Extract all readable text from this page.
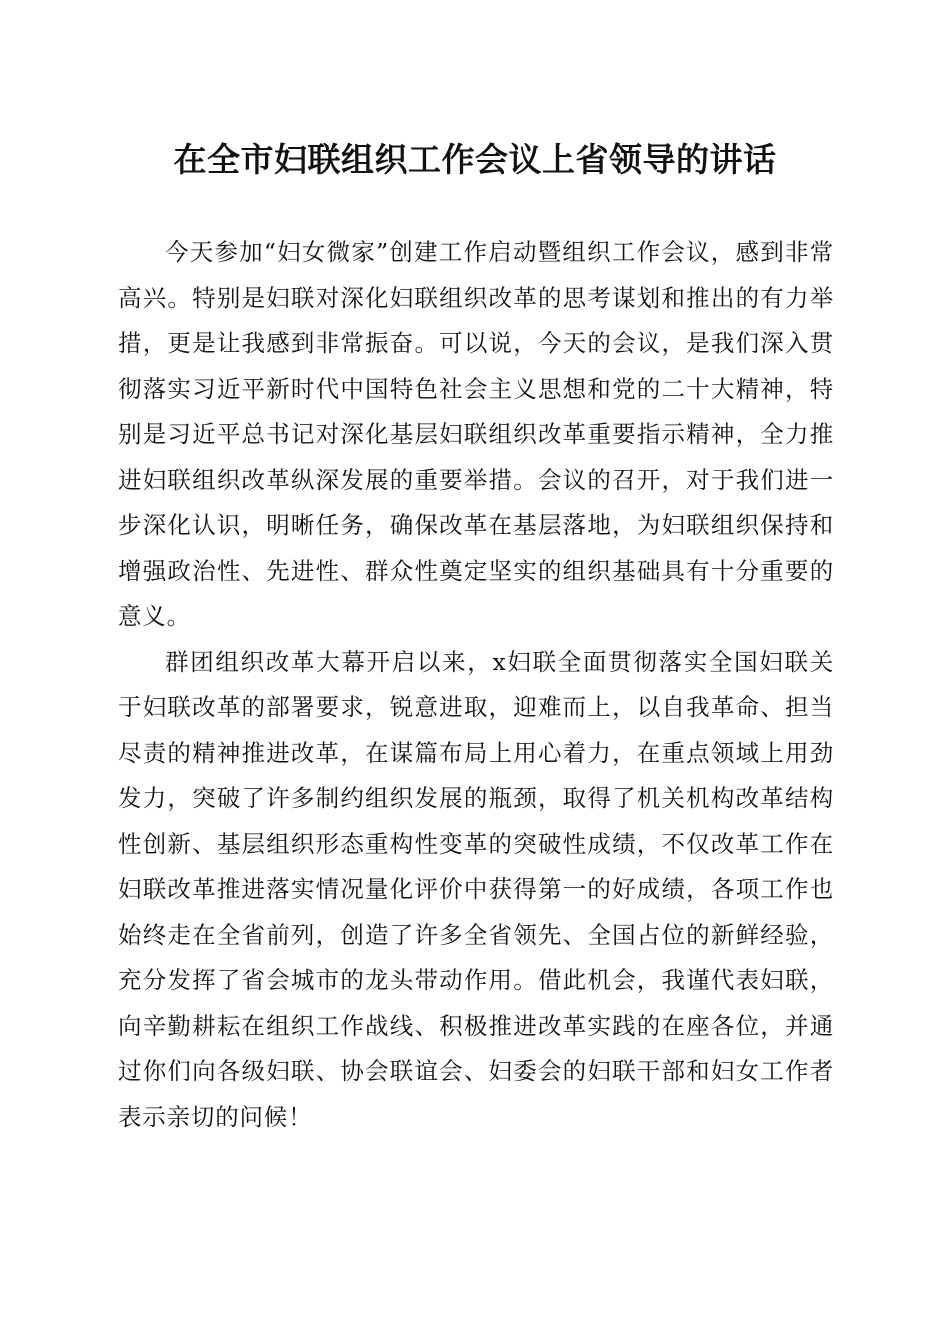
在全市妇联组织工作会议上省领导的讲话

今天参加“妇女微家”创建工作启动暨组织工作会议，感到非常高兴。特别是妇联对深化妇联组织改革的思考谋划和推出的有力举措，更是让我感到非常振奋。可以说，今天的会议，是我们深入贯彻落实习近平新时代中国特色社会主义思想和党的二十大精神，特别是习近平总书记对深化基层妇联组织改革重要指示精神，全力推进妇联组织改革纵深发展的重要举措。会议的召开，对于我们进一步深化认识，明晰任务，确保改革在基层落地，为妇联组织保持和增强政治性、先进性、群众性奠定坚实的组织基础具有十分重要的意义。

群团组织改革大幕开启以来，x妇联全面贯彻落实全国妇联关于妇联改革的部署要求，锐意进取，迎难而上，以自我革命、担当尽责的精神推进改革，在谋篇布局上用心着力，在重点领域上用劲发力，突破了许多制约组织发展的瓶颈，取得了机关机构改革结构性创新、基层组织形态重构性变革的突破性成绩，不仅改革工作在妇联改革推进落实情况量化评价中获得第一的好成绩，各项工作也始终走在全省前列，创造了许多全省领先、全国占位的新鲜经验，充分发挥了省会城市的龙头带动作用。借此机会，我谨代表妇联，向辛勤耕耘在组织工作战线、积极推进改革实践的在座各位，并通过你们向各级妇联、协会联谊会、妇委会的妇联干部和妇女工作者表示亲切的问候！
